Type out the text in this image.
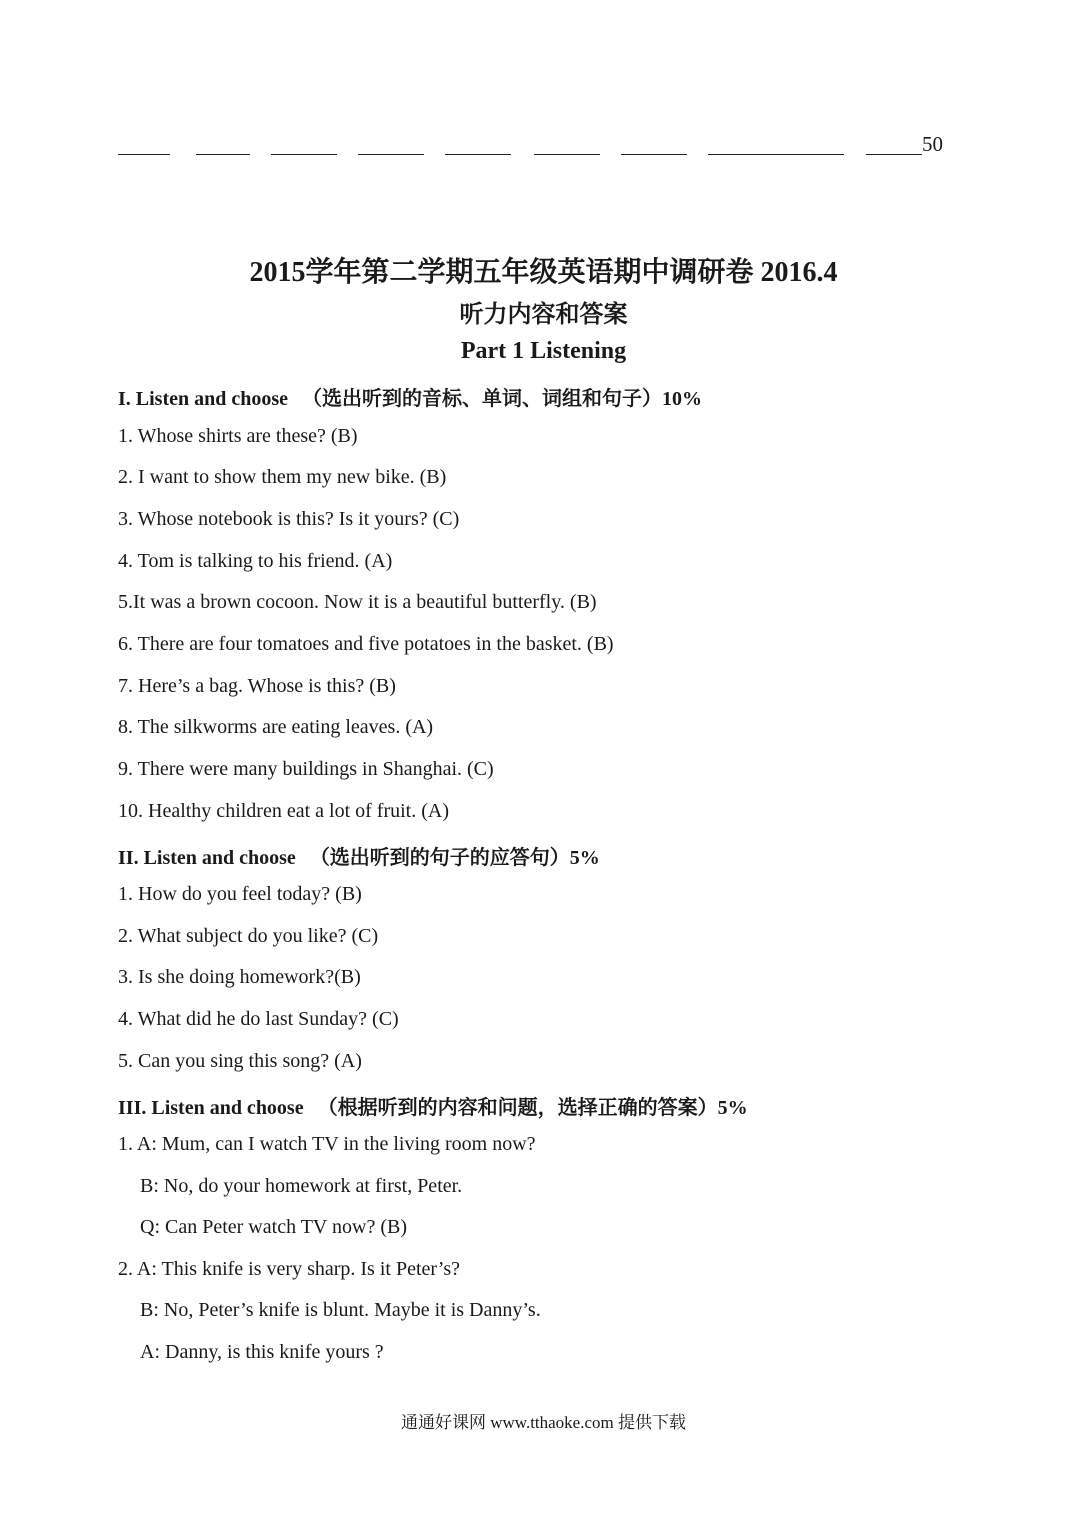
50
2015学年第二学期五年级英语期中调研卷 2016.4
听力内容和答案
Part 1 Listening
I. Listen and choose （选出听到的音标、单词、词组和句子）10%
1. Whose shirts are these? (B)
2. I want to show them my new bike. (B)
3. Whose notebook is this? Is it yours? (C)
4. Tom is talking to his friend. (A)
5.It was a brown cocoon. Now it is a beautiful butterfly. (B)
6. There are four tomatoes and five potatoes in the basket. (B)
7. Here’s a bag. Whose is this? (B)
8. The silkworms are eating leaves. (A)
9. There were many buildings in Shanghai. (C)
10. Healthy children eat a lot of fruit. (A)
II. Listen and choose （选出听到的句子的应答句）5%
1. How do you feel today? (B)
2. What subject do you like? (C)
3. Is she doing homework?(B)
4. What did he do last Sunday? (C)
5. Can you sing this song? (A)
III. Listen and choose （根据听到的内容和问题，选择正确的答案）5%
1. A: Mum, can I watch TV in the living room now?
B: No, do your homework at first, Peter.
Q: Can Peter watch TV now? (B)
2. A: This knife is very sharp. Is it Peter’s?
B: No, Peter’s knife is blunt. Maybe it is Danny’s.
A: Danny, is this knife yours ?
通通好课网 www.tthaoke.com 提供下载
